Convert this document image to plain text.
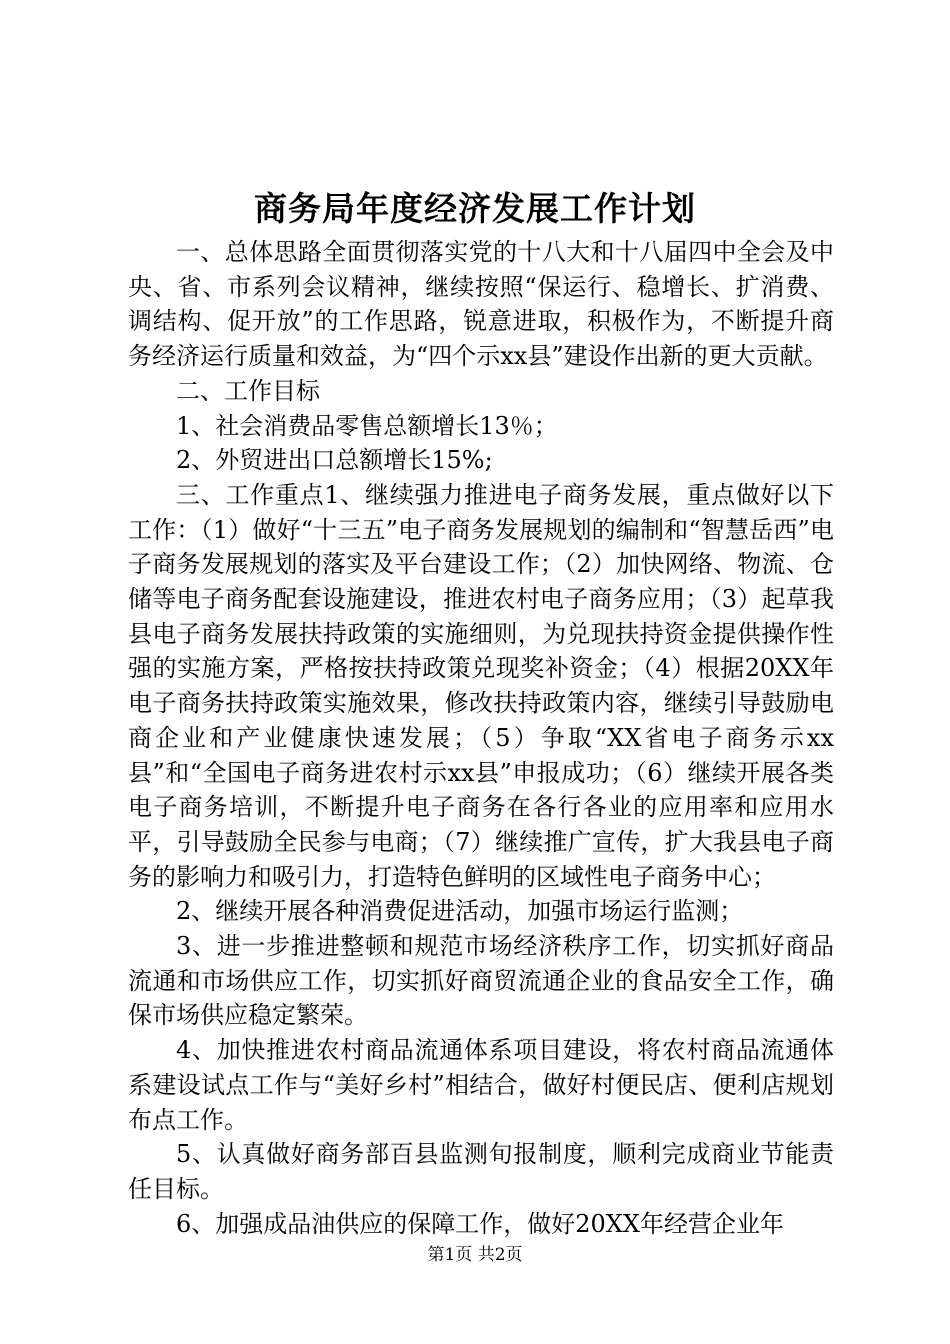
商务局年度经济发展工作计划

一、总体思路全面贯彻落实党的十八大和十八届四中全会及中央、省、市系列会议精神，继续按照“保运行、稳增长、扩消费、调结构、促开放”的工作思路，锐意进取，积极作为，不断提升商务经济运行质量和效益，为“四个示xx县”建设作出新的更大贡献。

二、工作目标

1、社会消费品零售总额增长13％；

2、外贸进出口总额增长15%;

三、工作重点1、继续强力推进电子商务发展，重点做好以下工作：（1）做好“十三五”电子商务发展规划的编制和“智慧岳西”电子商务发展规划的落实及平台建设工作；（2）加快网络、物流、仓储等电子商务配套设施建设，推进农村电子商务应用；（3）起草我县电子商务发展扶持政策的实施细则，为兑现扶持资金提供操作性强的实施方案，严格按扶持政策兑现奖补资金；（4）根据20XX年电子商务扶持政策实施效果，修改扶持政策内容，继续引导鼓励电商企业和产业健康快速发展；（5）争取“XX省电子商务示xx县”和“全国电子商务进农村示xx县”申报成功；（6）继续开展各类电子商务培训，不断提升电子商务在各行各业的应用率和应用水平，引导鼓励全民参与电商；（7）继续推广宣传，扩大我县电子商务的影响力和吸引力，打造特色鲜明的区域性电子商务中心；

2、继续开展各种消费促进活动，加强市场运行监测；

3、进一步推进整顿和规范市场经济秩序工作，切实抓好商品流通和市场供应工作，切实抓好商贸流通企业的食品安全工作，确保市场供应稳定繁荣。

4、加快推进农村商品流通体系项目建设，将农村商品流通体系建设试点工作与“美好乡村”相结合，做好村便民店、便利店规划布点工作。

5、认真做好商务部百县监测旬报制度，顺利完成商业节能责任目标。

6、加强成品油供应的保障工作，做好20XX年经营企业年

第1页 共2页
